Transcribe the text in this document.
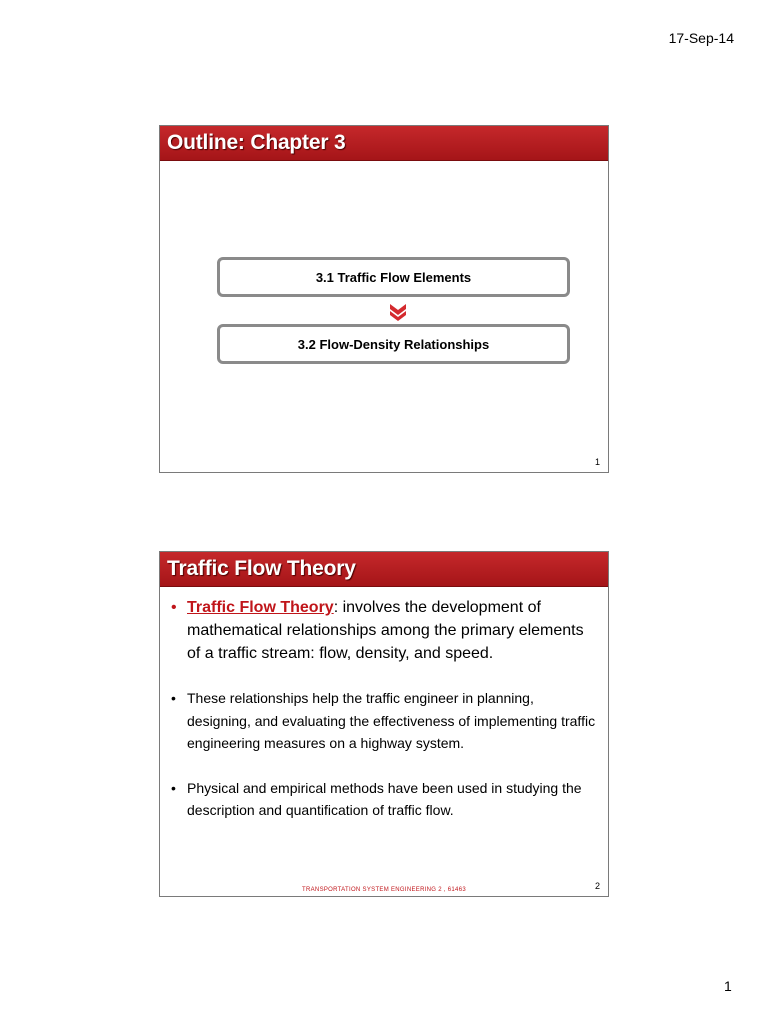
17-Sep-14
Outline: Chapter 3
3.1 Traffic Flow Elements
3.2 Flow-Density Relationships
1
Traffic Flow Theory
• Traffic Flow Theory: involves the development of mathematical relationships among the primary elements of a traffic stream: flow, density, and speed.
• These relationships help the traffic engineer in planning, designing, and evaluating the effectiveness of implementing traffic engineering measures on a highway system.
• Physical and empirical methods have been used in studying the description and quantification of traffic flow.
TRANSPORTATION SYSTEM ENGINEERING 2 , 61463	2
1
